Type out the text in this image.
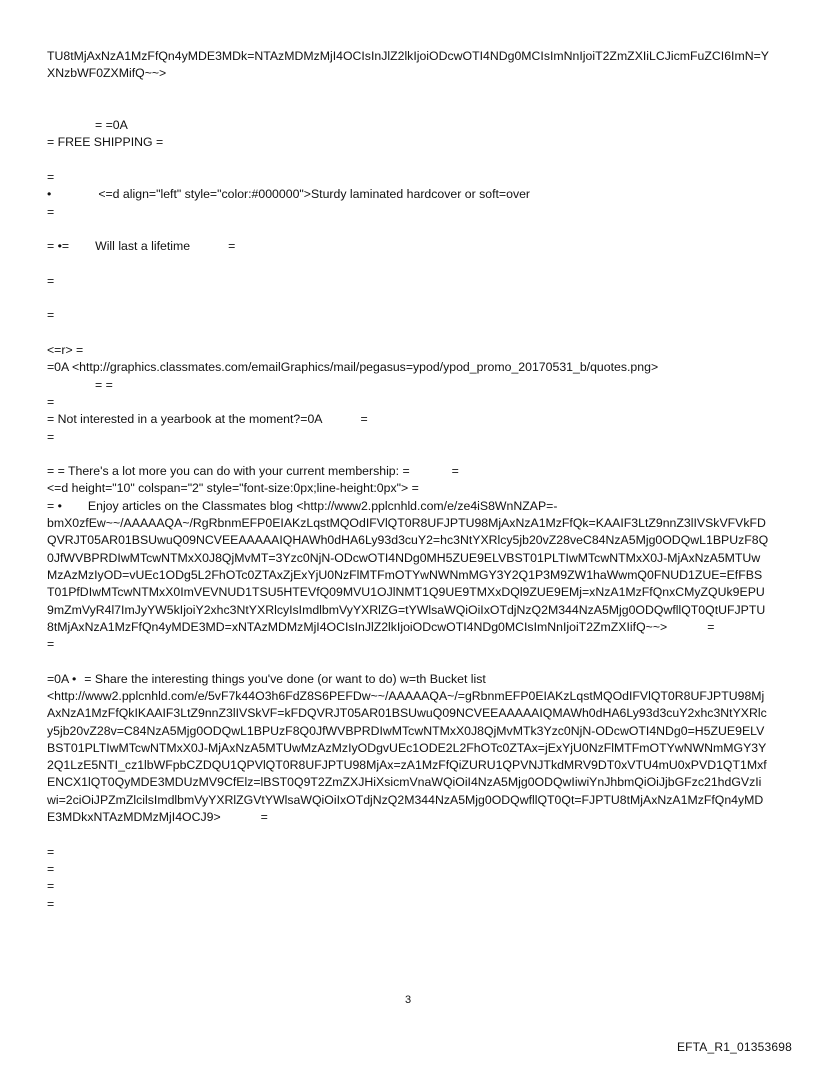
TU8tMjAxNzA1MzFfQn4yMDE3MDk=NTAzMDMzMjI4OCIsInJlZ2lkIjoiODcwOTI4NDg0MCIsImNnIjoiT2ZmZXIiLCJicmFuZCI6ImN=YXNzbWF0ZXMifQ~~>
= =0A
= FREE SHIPPING =
=
•	<=d align="left" style="color:#000000">Sturdy laminated hardcover or soft=over
=
= •= Will last a lifetime	=
=
=
<=r> =
=0A <http://graphics.classmates.com/emailGraphics/mail/pegasus=ypod/ypod_promo_20170531_b/quotes.png>
= =
=
= Not interested in a yearbook at the moment?=0A	=
=
= = There's a lot more you can do with your current membership: =	=
<=d height="10" colspan="2" style="font-size:0px;line-height:0px"> =
= • Enjoy articles on the Classmates blog <http://www2.pplcnhld.com/e/ze4iS8WnNZAP=-
bmX0zfEw~~/AAAAAQA~/RgRbnmEFP0EIAKzLqstMQOdIFVlQT0R8UFJPTU98MjAxNzA1MzFfQk=KAAIF3LtZ9nnZ3lIVSkVFVkFDQVRJT05AR01BSUwuQ09NCVEEAAAAAIQHAWh0dHA6Ly93d3cuY2=hc3NtYXRlcy5jb20vZ28veC84NzA5Mjg0ODQwL1BPUzF8Q0JfWVBPRDIwMTcwNTMxX0J8QjMvMT=3Yzc0NjN-ODcwOTI4NDg0MH5ZUE9ELVBST01PLTIwMTcwNTMxX0J-MjAxNzA5MTUwMzAzMzIyOD=vUEc1ODg5L2FhOTc0ZTAxZjExYjU0NzFlMTFmOTYwNWNmMGY3Y2Q1P3M9ZW1haWwmQ0FNUD1ZUE=EfFBST01PfDIwMTcwNTMxX0ImVEVNUD1TSU5HTEVfQ09MVU1OJlNMT1Q9UE9TMXxDQl9ZUE9EMj=xNzA1MzFfQnxCMyZQUk9EPU9mZmVyR4l7ImJyYW5kIjoiY2xhc3NtYXRlcyIsImdlbmVyYXRlZG=tYWlsaWQiOiIxOTdjNzQ2M344NzA5Mjg0ODQwfllQT0QtUFJPTU8tMjAxNzA1MzFfQn4yMDE3MD=xNTAzMDMzMjI4OCIsInJlZ2lkIjoiODcwOTI4NDg0MCIsImNnIjoiT2ZmZXIifQ~~>	=
=
=0A • = Share the interesting things you've done (or want to do) w=th Bucket list
<http://www2.pplcnhld.com/e/5vF7k44O3h6FdZ8S6PEFDw~~/AAAAAQA~/=gRbnmEFP0EIAKzLqstMQOdIFVlQT0R8UFJPTU98MjAxNzA1MzFfQkIKAAIF3LtZ9nnZ3lIVSkVF=kFDQVRJT05AR01BSUwuQ09NCVEEAAAAAIQMAWh0dHA6Ly93d3cuY2xhc3NtYXRlcy5jb20vZ28v=C84NzA5Mjg0ODQwL1BPUzF8Q0JfWVBPRDIwMTcwNTMxX0J8QjMvMTk3Yzc0NjN-ODcwOTI4NDg0=H5ZUE9ELVBST01PLTIwMTcwNTMxX0J-MjAxNzA5MTUwMzAzMzIyODgvUEc1ODE2L2FhOTc0ZTAx=jExYjU0NzFlMTFmOTYwNWNmMGY3Y2Q1LzE5NTI_cz1lbWFpbCZDQU1QPVlQT0R8UFJPTU98MjAx=zA1MzFfQiZURU1QPVNJTkdMRV9DT0xVTU4mU0xPVD1QT1MxfENCX1lQT0QyMDE3MDUzMV9CfElz=lBST0Q9T2ZmZXJHiXsicmVnaWQiOiI4NzA5Mjg0ODQwIiwiYnJhbmQiOiJjbGFzc21hdGVzIiwi=2ciOiJPZmZlcilsImdlbmVyYXRlZGVtYWlsaWQiOiIxOTdjNzQ2M344NzA5Mjg0ODQwfllQT0Qt=FJPTU8tMjAxNzA1MzFfQn4yMDE3MDkxNTAzMDMzMjI4OCJ9>	=
=
=
=
=
3
EFTA_R1_01353698
